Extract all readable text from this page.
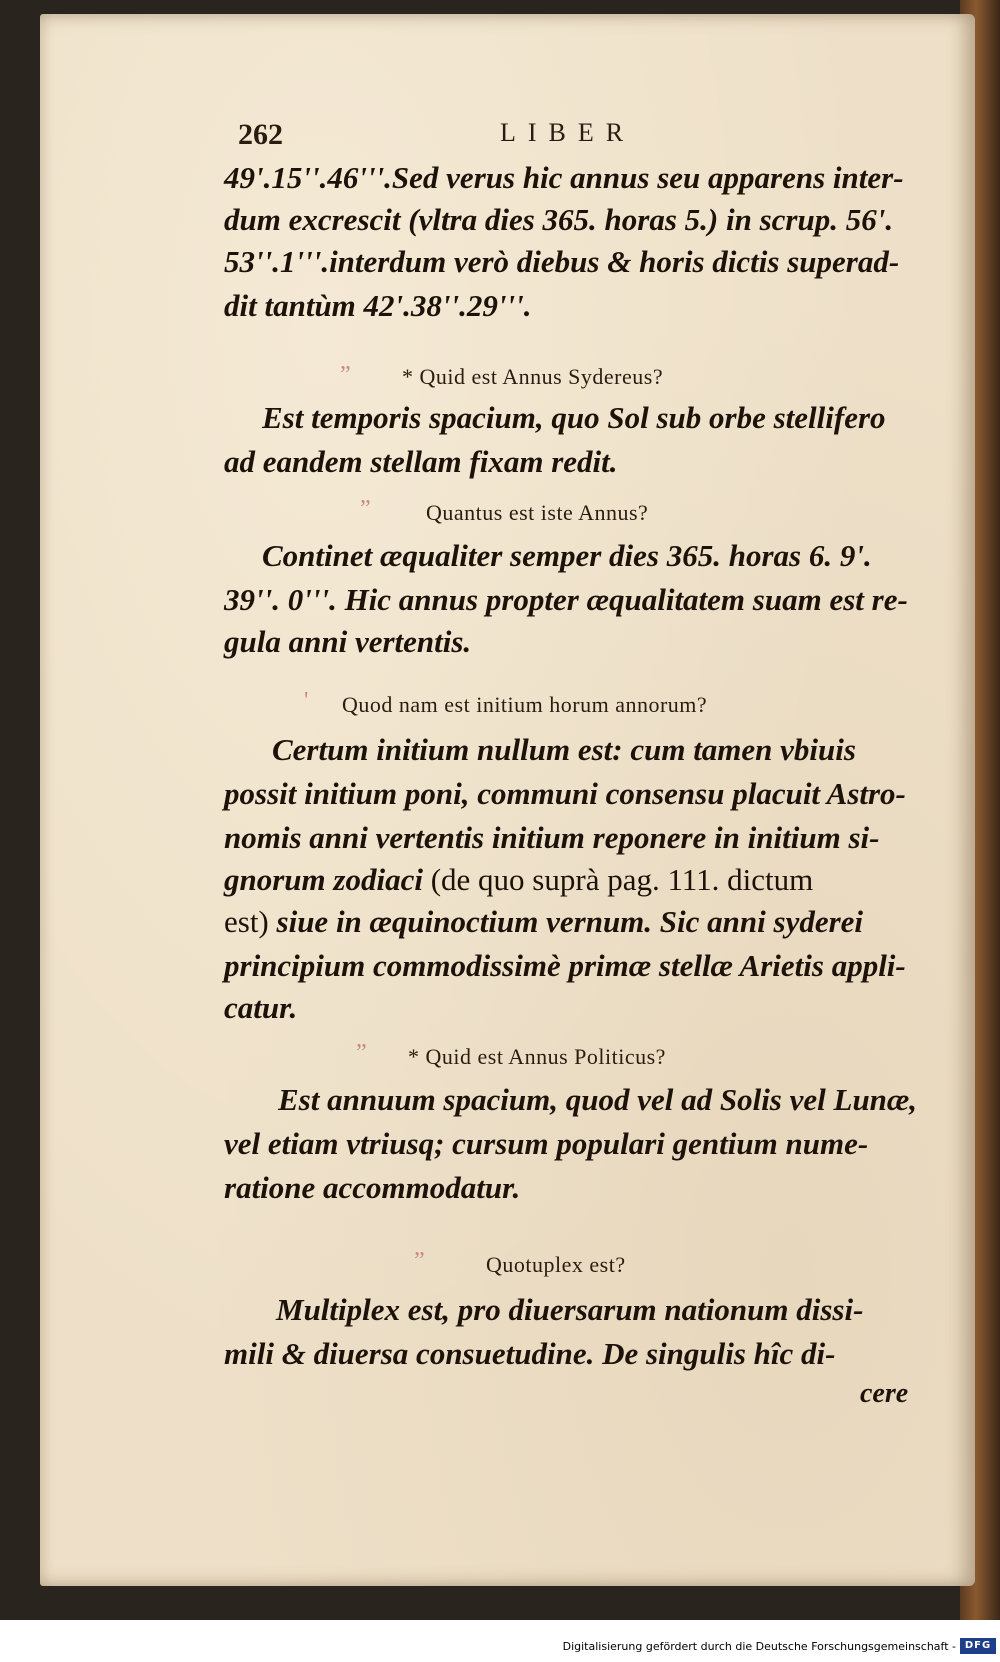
262	LIBER
49'.15''.46'''.Sed verus hic annus seu apparens inter-
dum excrescit (vltra dies 365. horas 5.) in scrup. 56'.
53''.1'''.interdum verò diebus & horis dictis superad-
dit tantùm 42'.38''.29'''.
” * Quid est Annus Sydereus?
Est temporis spacium, quo Sol sub orbe stellifero
ad eandem stellam fixam redit.
”	Quantus est iste Annus?
Continet æqualiter semper dies 365. horas 6. 9'.
39''. 0'''. Hic annus propter æqualitatem suam est re-
gula anni vertentis.
' Quod nam est initium horum annorum?
Certum initium nullum est: cum tamen vbiuis
possit initium poni, communi consensu placuit Astro-
nomis anni vertentis initium reponere in initium si-
gnorum zodiaci (de quo suprà pag. 111. dictum
est) siue in æquinoctium vernum. Sic anni syderei
principium commodissimè primæ stellæ Arietis appli-
catur.
” * Quid est Annus Politicus?
Est annuum spacium, quod vel ad Solis vel Lunæ,
vel etiam vtriusq; cursum populari gentium nume-
ratione accommodatur.
”	Quotuplex est?
Multiplex est, pro diuersarum nationum dissi-
mili & diuersa consuetudine. De singulis hîc di-
cere
Digitalisierung gefördert durch die Deutsche Forschungsgemeinschaft - DFG
